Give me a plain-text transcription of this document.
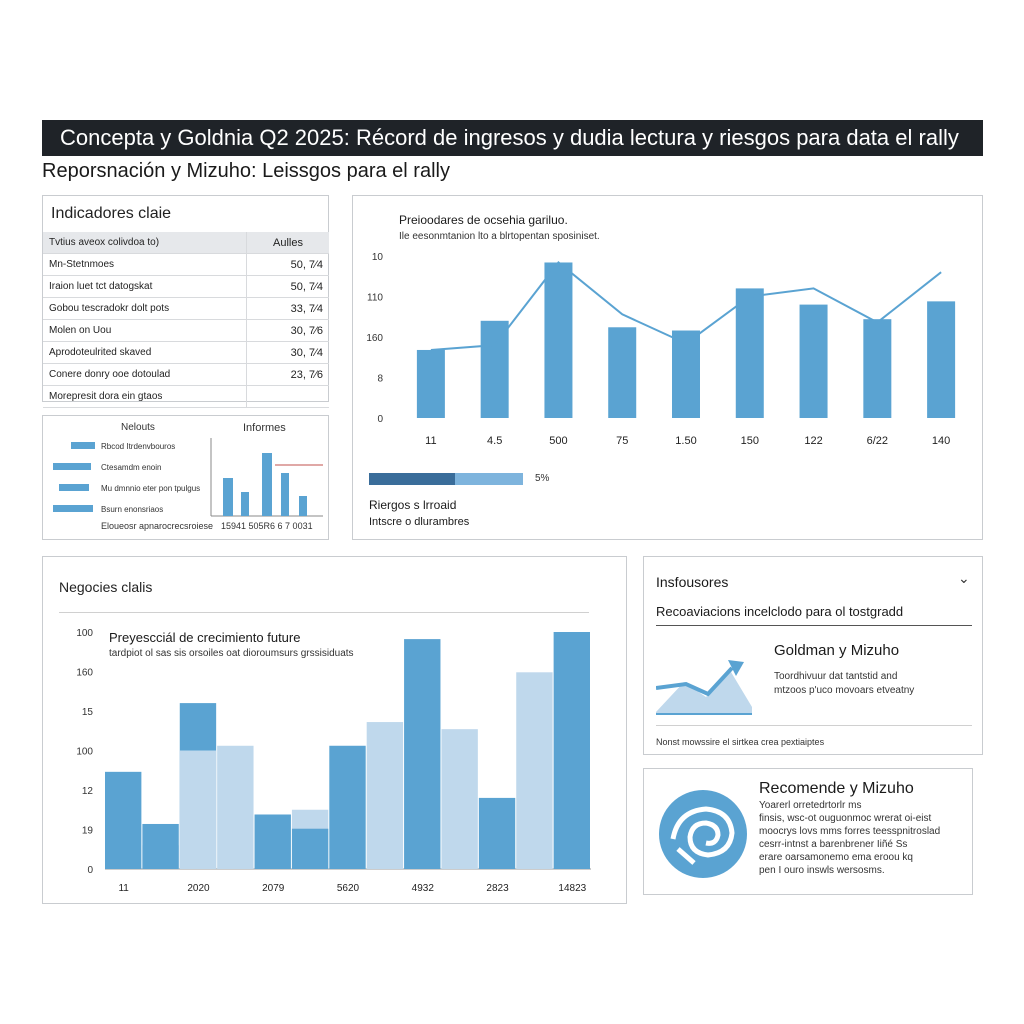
Concepta y Goldnia Q2 2025: Récord de ingresos y dudia lectura y riesgos para data el rally
Reporsnación y Mizuho: Leissgos para el rally
Indicadores claie
Tvtius aveox colivdoa to)	Aulles
Mn-Stetnmoes	50, 7⁄4
Iraion luet tct datogskat	50, 7⁄4
Gobou tescradokr dolt pots	33, 7⁄4
Molen on Uou	30, 7⁄6
Aprodoteulrited skaved	30, 7⁄4
Conere donry ooe dotoulad	23, 7⁄6
Morepresit dora ein gtaos	
Nelouts	Informes
Rbcod Itrdenvbouros
Ctesamdm enoin
Mu dmnnio eter pon tpulgus
Bsurn enonsriaos
Eloueosr apnarocrecsroiese 15941 505R6 6 7 0031
Preioodares de ocsehia gariluo.
Ile eesonmtanion lto a blrtopentan sposiniset.
0
8
160
110
10
11	4.5	500	75	1.50	150	122	6/22	140
5%
Riergos s lrroaid
Intscre o dlurambres
Negocies clalis
Preyescciál de crecimiento future
tardpiot ol sas sis orsoiles oat dioroumsurs grssisiduats
0
19
12
100
15
160
100
11	2020	2079	5620	4932	2823	14823
Insfousores	⌄
Recoaviacions incelclodo para ol tostgradd
Goldman y Mizuho
Toordhivuur dat tantstid and
mtzoos p'uco movoars etveatny
Nonst mowssire el sirtkea crea pextiaiptes
Recomende y Mizuho
Yoarerl orretedrtorlr ms
finsis, wsc-ot ouguonmoc wrerat oi-eist
moocrys lovs mms forres teesspnitroslad
cesrr-intnst a barenbrener Iiñé Ss
erare oarsamonemo ema eroou kq
pen I ouro inswls wersosms.
